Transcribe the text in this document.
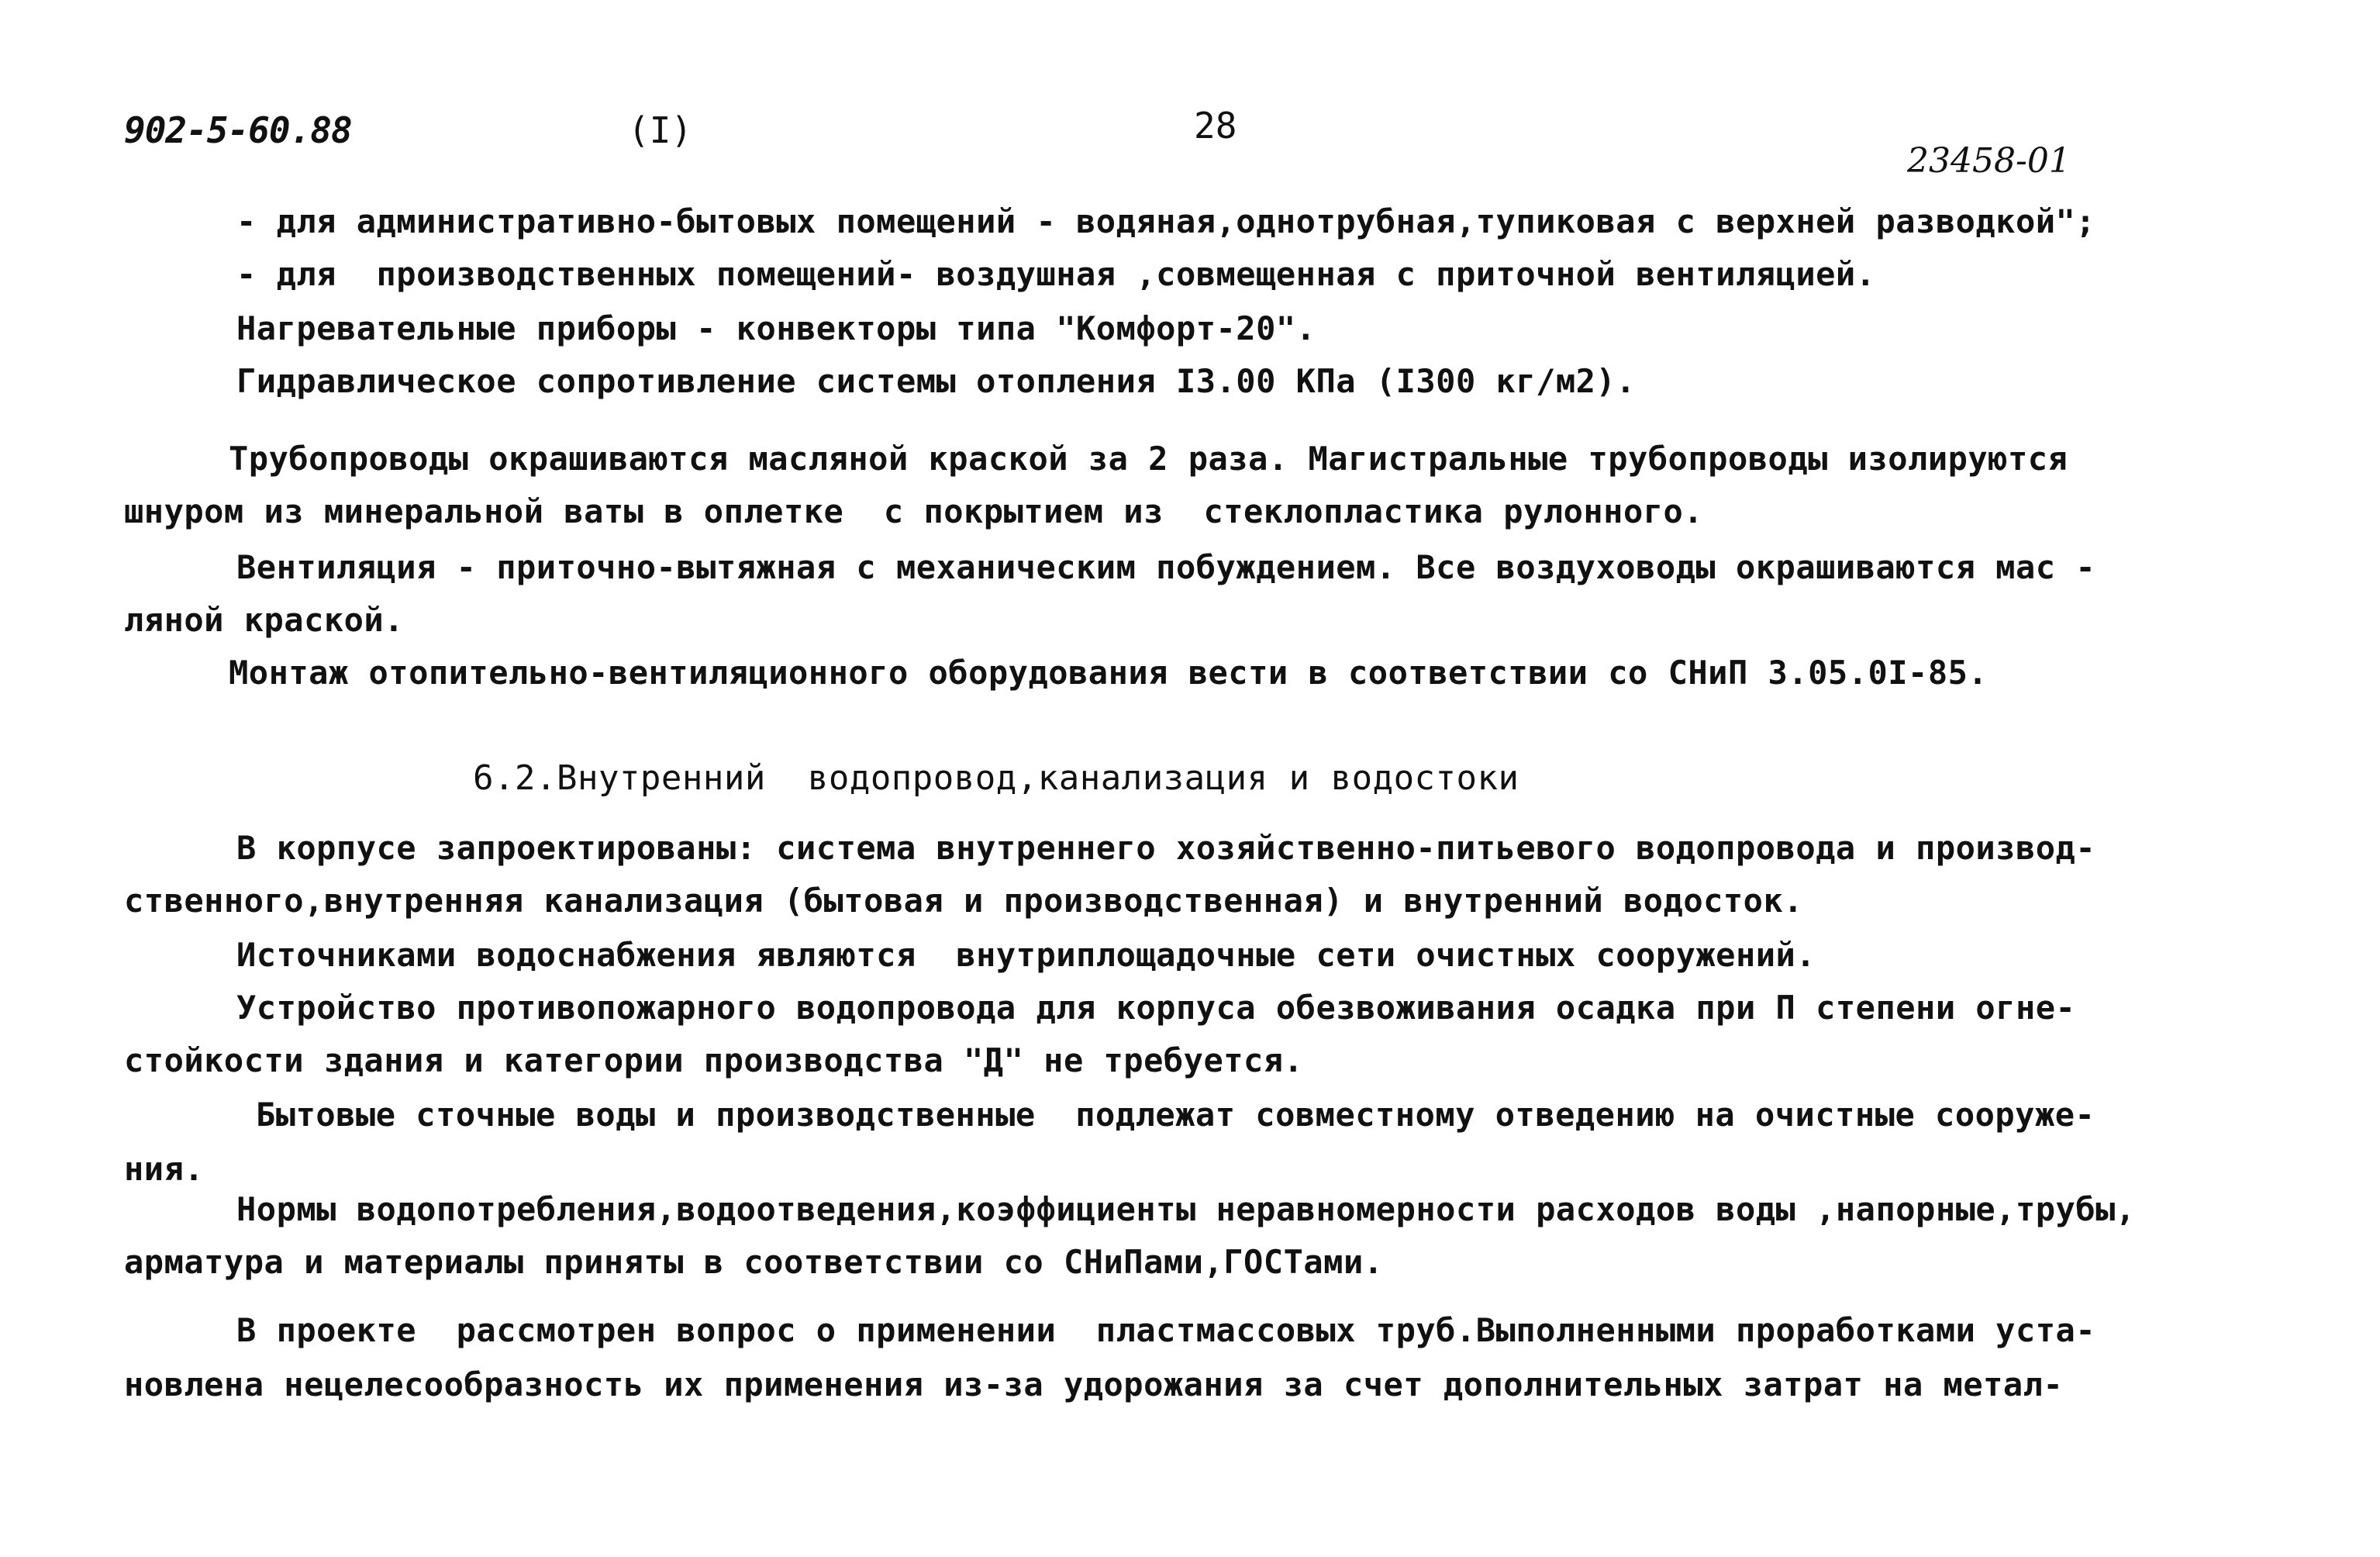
902-5-60.88	(I)	28
23458-01
- для административно-бытовых помещений - водяная,однотрубная,тупиковая с верхней разводкой";
- для  производственных помещений- воздушная ,совмещенная с приточной вентиляцией.
Нагревательные приборы - конвекторы типа "Комфорт-20".
Гидравлическое сопротивление системы отопления I3.00 КПа (I300 кг/м2).
Трубопроводы окрашиваются масляной краской за 2 раза. Магистральные трубопроводы изолируются
шнуром из минеральной ваты в оплетке  с покрытием из  стеклопластика рулонного.
Вентиляция - приточно-вытяжная с механическим побуждением. Все воздуховоды окрашиваются мас -
ляной краской.
Монтаж отопительно-вентиляционного оборудования вести в соответствии со СНиП 3.05.0I-85.
6.2.Внутренний  водопровод,канализация и водостоки
В корпусе запроектированы: система внутреннего хозяйственно-питьевого водопровода и производ-
ственного,внутренняя канализация (бытовая и производственная) и внутренний водосток.
Источниками водоснабжения являются  внутриплощадочные сети очистных сооружений.
Устройство противопожарного водопровода для корпуса обезвоживания осадка при П степени огне-
стойкости здания и категории производства "Д" не требуется.
Бытовые сточные воды и производственные  подлежат совместному отведению на очистные сооруже-
ния.
Нормы водопотребления,водоотведения,коэффициенты неравномерности расходов воды ,напорные,трубы,
арматура и материалы приняты в соответствии со СНиПами,ГОСТами.
В проекте  рассмотрен вопрос о применении  пластмассовых труб.Выполненными проработками уста-
новлена нецелесообразность их применения из-за удорожания за счет дополнительных затрат на метал-
